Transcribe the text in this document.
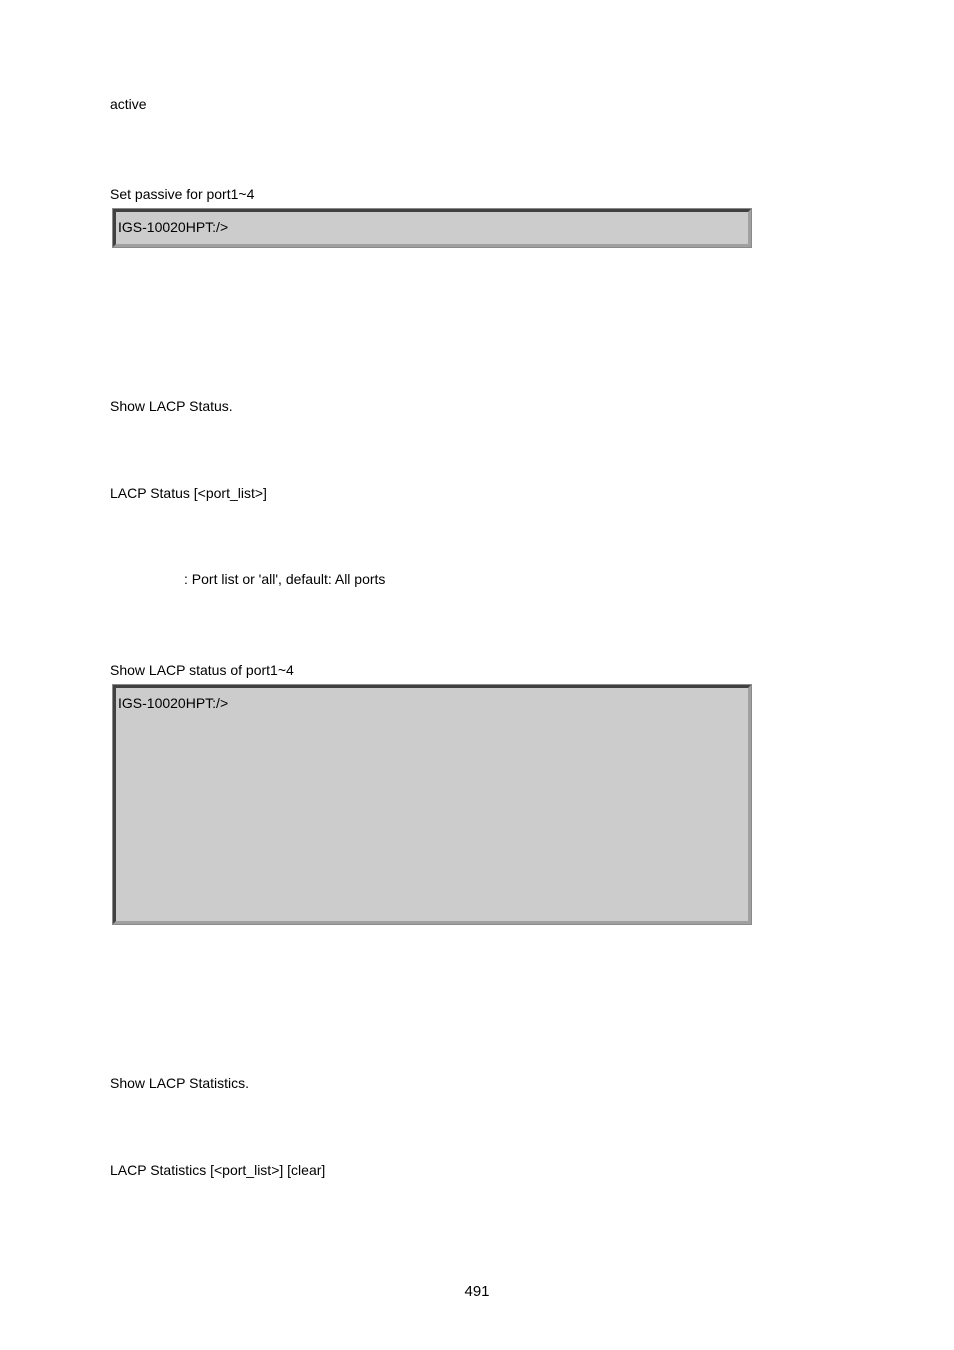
active
Set passive for port1~4
IGS-10020HPT:/>
Show LACP Status.
LACP Status [<port_list>]
: Port list or 'all', default: All ports
Show LACP status of port1~4
IGS-10020HPT:/>
Show LACP Statistics.
LACP Statistics [<port_list>] [clear]
491
